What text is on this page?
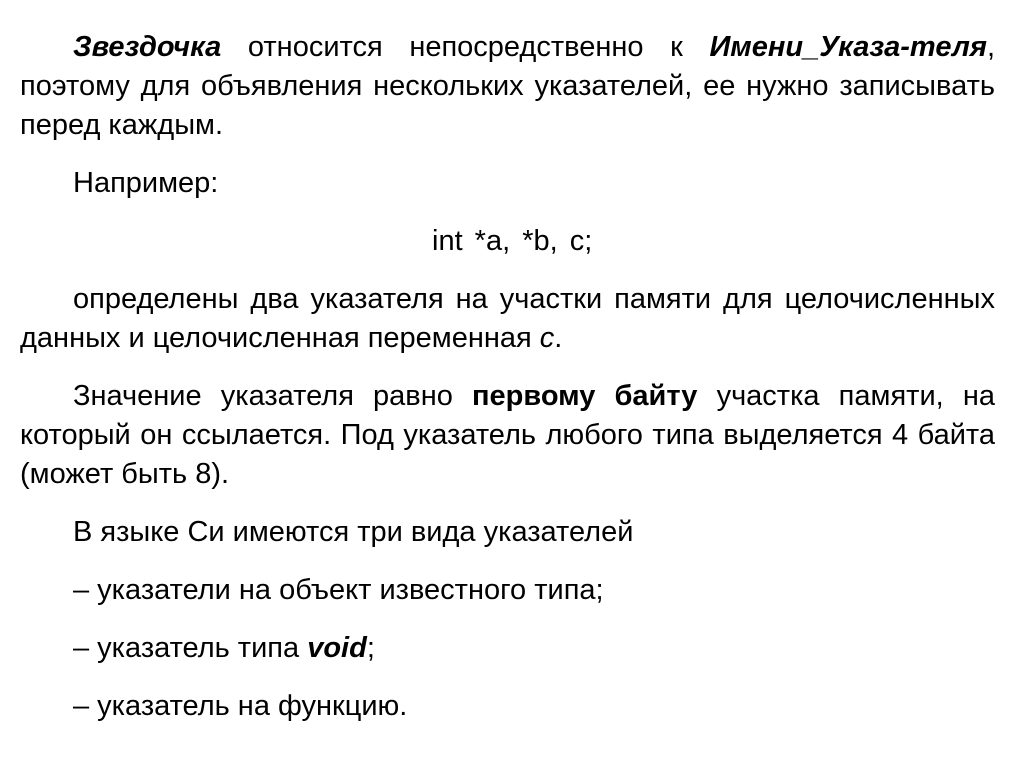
Звездочка относится непосредственно к Имени_Указа-теля, поэтому для объявления нескольких указателей, ее нужно записывать перед каждым.

Например:

int *a, *b, c;

определены два указателя на участки памяти для целочисленных данных и целочисленная переменная с.

Значение указателя равно первому байту участка памяти, на который он ссылается. Под указатель любого типа выделяется 4 байта (может быть 8).

В языке Си имеются три вида указателей

– указатели на объект известного типа;

– указатель типа void;

– указатель на функцию.
